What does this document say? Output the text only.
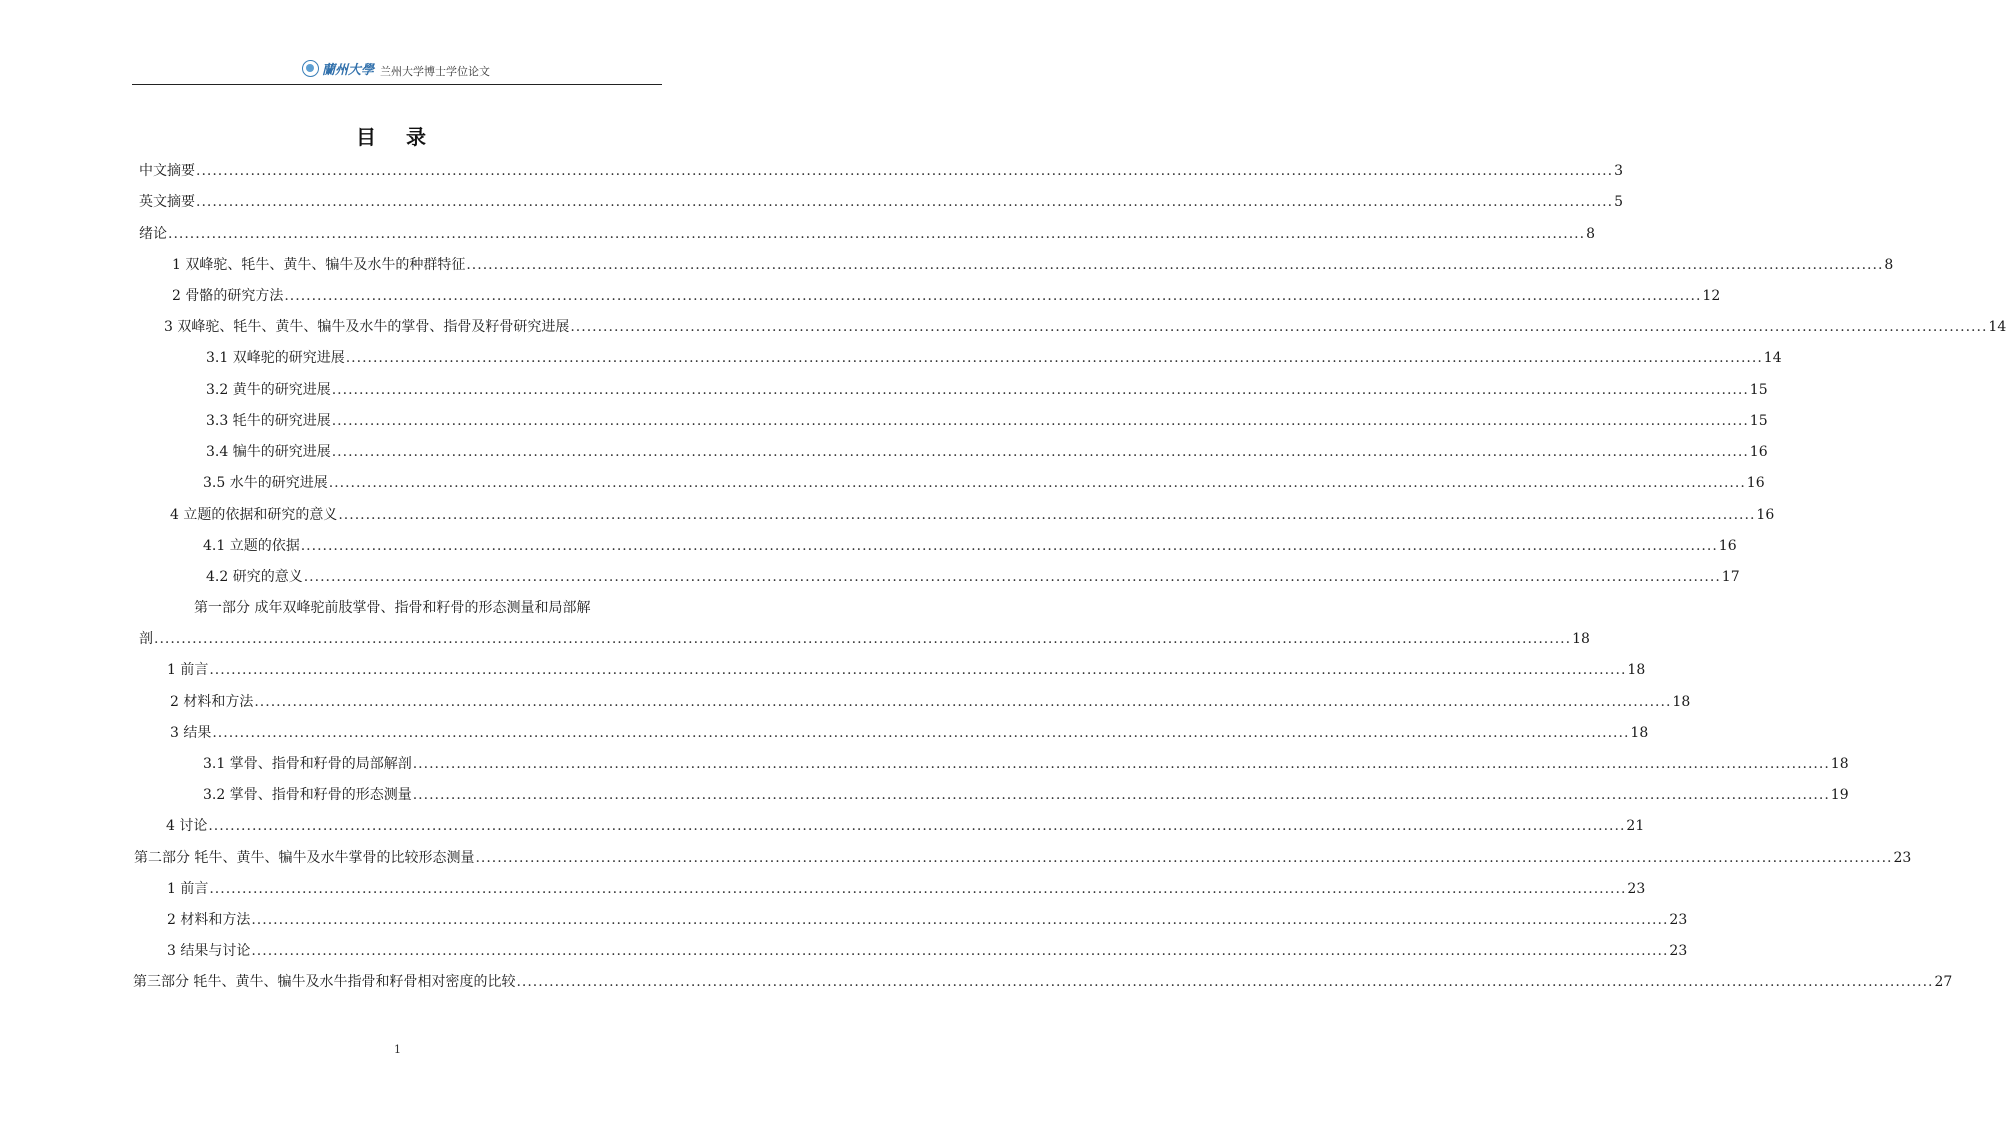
蘭州大學 兰州大学博士学位论文
目 录
中文摘要 .................................................................................................................................................................................................................................................................... 3
英文摘要 .................................................................................................................................................................................................................................................................... 5
绪论 .................................................................................................................................................................................................................................................................... 8
1 双峰驼、牦牛、黄牛、犏牛及水牛的种群特征 .................................................................................................................................................................................................................................................................... 8
2 骨骼的研究方法 .................................................................................................................................................................................................................................................................... 12
3 双峰驼、牦牛、黄牛、犏牛及水牛的掌骨、指骨及籽骨研究进展 .................................................................................................................................................................................................................................................................... 14
3.1 双峰驼的研究进展 .................................................................................................................................................................................................................................................................... 14
3.2 黄牛的研究进展 .................................................................................................................................................................................................................................................................... 15
3.3 牦牛的研究进展 .................................................................................................................................................................................................................................................................... 15
3.4 犏牛的研究进展 .................................................................................................................................................................................................................................................................... 16
3.5 水牛的研究进展 .................................................................................................................................................................................................................................................................... 16
4 立题的依据和研究的意义 .................................................................................................................................................................................................................................................................... 16
4.1 立题的依据 .................................................................................................................................................................................................................................................................... 16
4.2 研究的意义 .................................................................................................................................................................................................................................................................... 17
第一部分 成年双峰驼前肢掌骨、指骨和籽骨的形态测量和局部解
剖 .................................................................................................................................................................................................................................................................... 18
1 前言 .................................................................................................................................................................................................................................................................... 18
2 材料和方法 .................................................................................................................................................................................................................................................................... 18
3 结果 .................................................................................................................................................................................................................................................................... 18
3.1 掌骨、指骨和籽骨的局部解剖 .................................................................................................................................................................................................................................................................... 18
3.2 掌骨、指骨和籽骨的形态测量 .................................................................................................................................................................................................................................................................... 19
4 讨论 .................................................................................................................................................................................................................................................................... 21
第二部分 牦牛、黄牛、犏牛及水牛掌骨的比较形态测量 .................................................................................................................................................................................................................................................................... 23
1 前言 .................................................................................................................................................................................................................................................................... 23
2 材料和方法 .................................................................................................................................................................................................................................................................... 23
3 结果与讨论 .................................................................................................................................................................................................................................................................... 23
第三部分 牦牛、黄牛、犏牛及水牛指骨和籽骨相对密度的比较 .................................................................................................................................................................................................................................................................... 27
1
